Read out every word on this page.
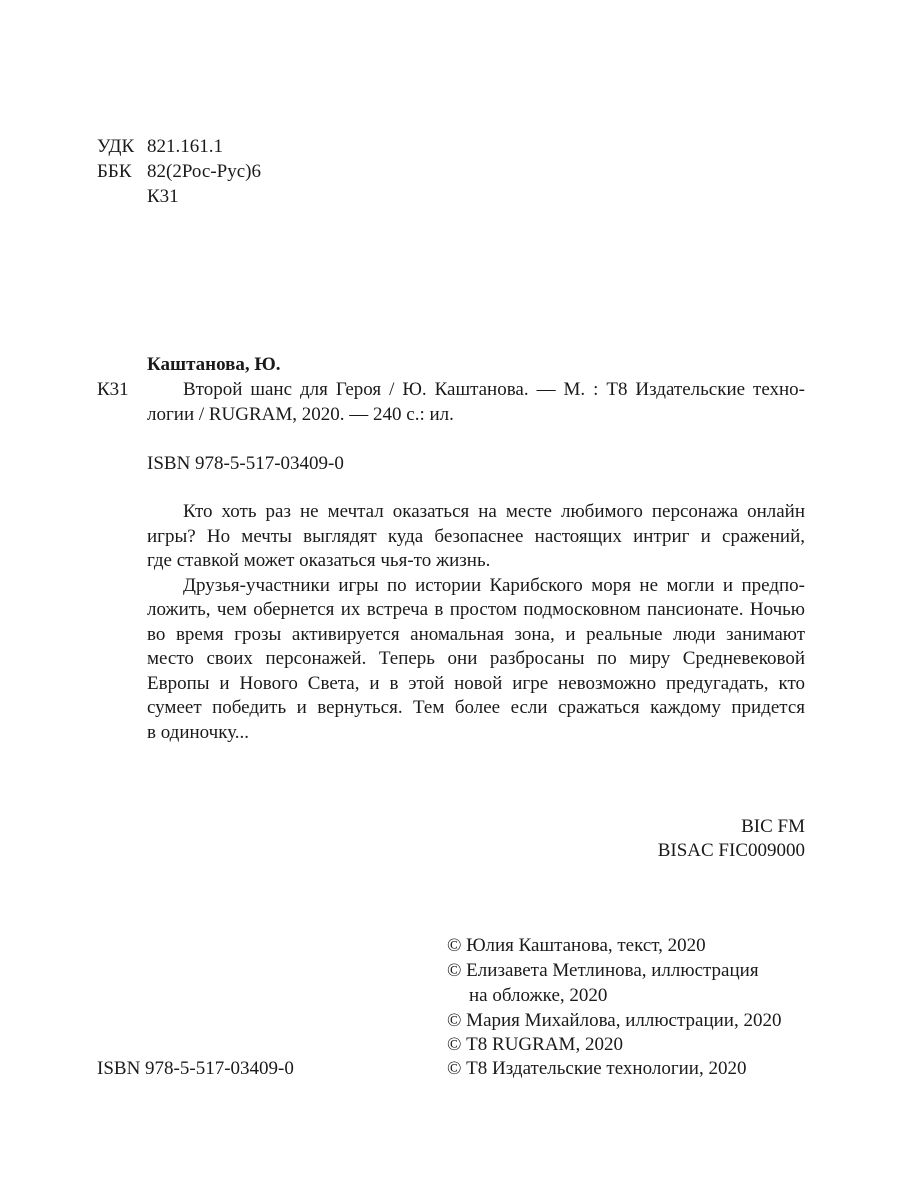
УДК 821.161.1
ББК 82(2Рос-Рус)6
К31
Каштанова, Ю.
К31	Второй шанс для Героя / Ю. Каштанова. — М. : Т8 Издательские техно-
логии / RUGRAM, 2020. — 240 с.: ил.
ISBN 978-5-517-03409-0
Кто хоть раз не мечтал оказаться на месте любимого персонажа онлайн
игры? Но мечты выглядят куда безопаснее настоящих интриг и сражений,
где ставкой может оказаться чья-то жизнь.
Друзья-участники игры по истории Карибского моря не могли и предпо-
ложить, чем обернется их встреча в простом подмосковном пансионате. Ночью
во время грозы активируется аномальная зона, и реальные люди занимают
место своих персонажей. Теперь они разбросаны по миру Средневековой
Европы и Нового Света, и в этой новой игре невозможно предугадать, кто
сумеет победить и вернуться. Тем более если сражаться каждому придется
в одиночку...
BIC FM
BISAC FIC009000
© Юлия Каштанова, текст, 2020
© Елизавета Метлинова, иллюстрация
на обложке, 2020
© Мария Михайлова, иллюстрации, 2020
© Т8 RUGRAM, 2020
© Т8 Издательские технологии, 2020
ISBN 978-5-517-03409-0
